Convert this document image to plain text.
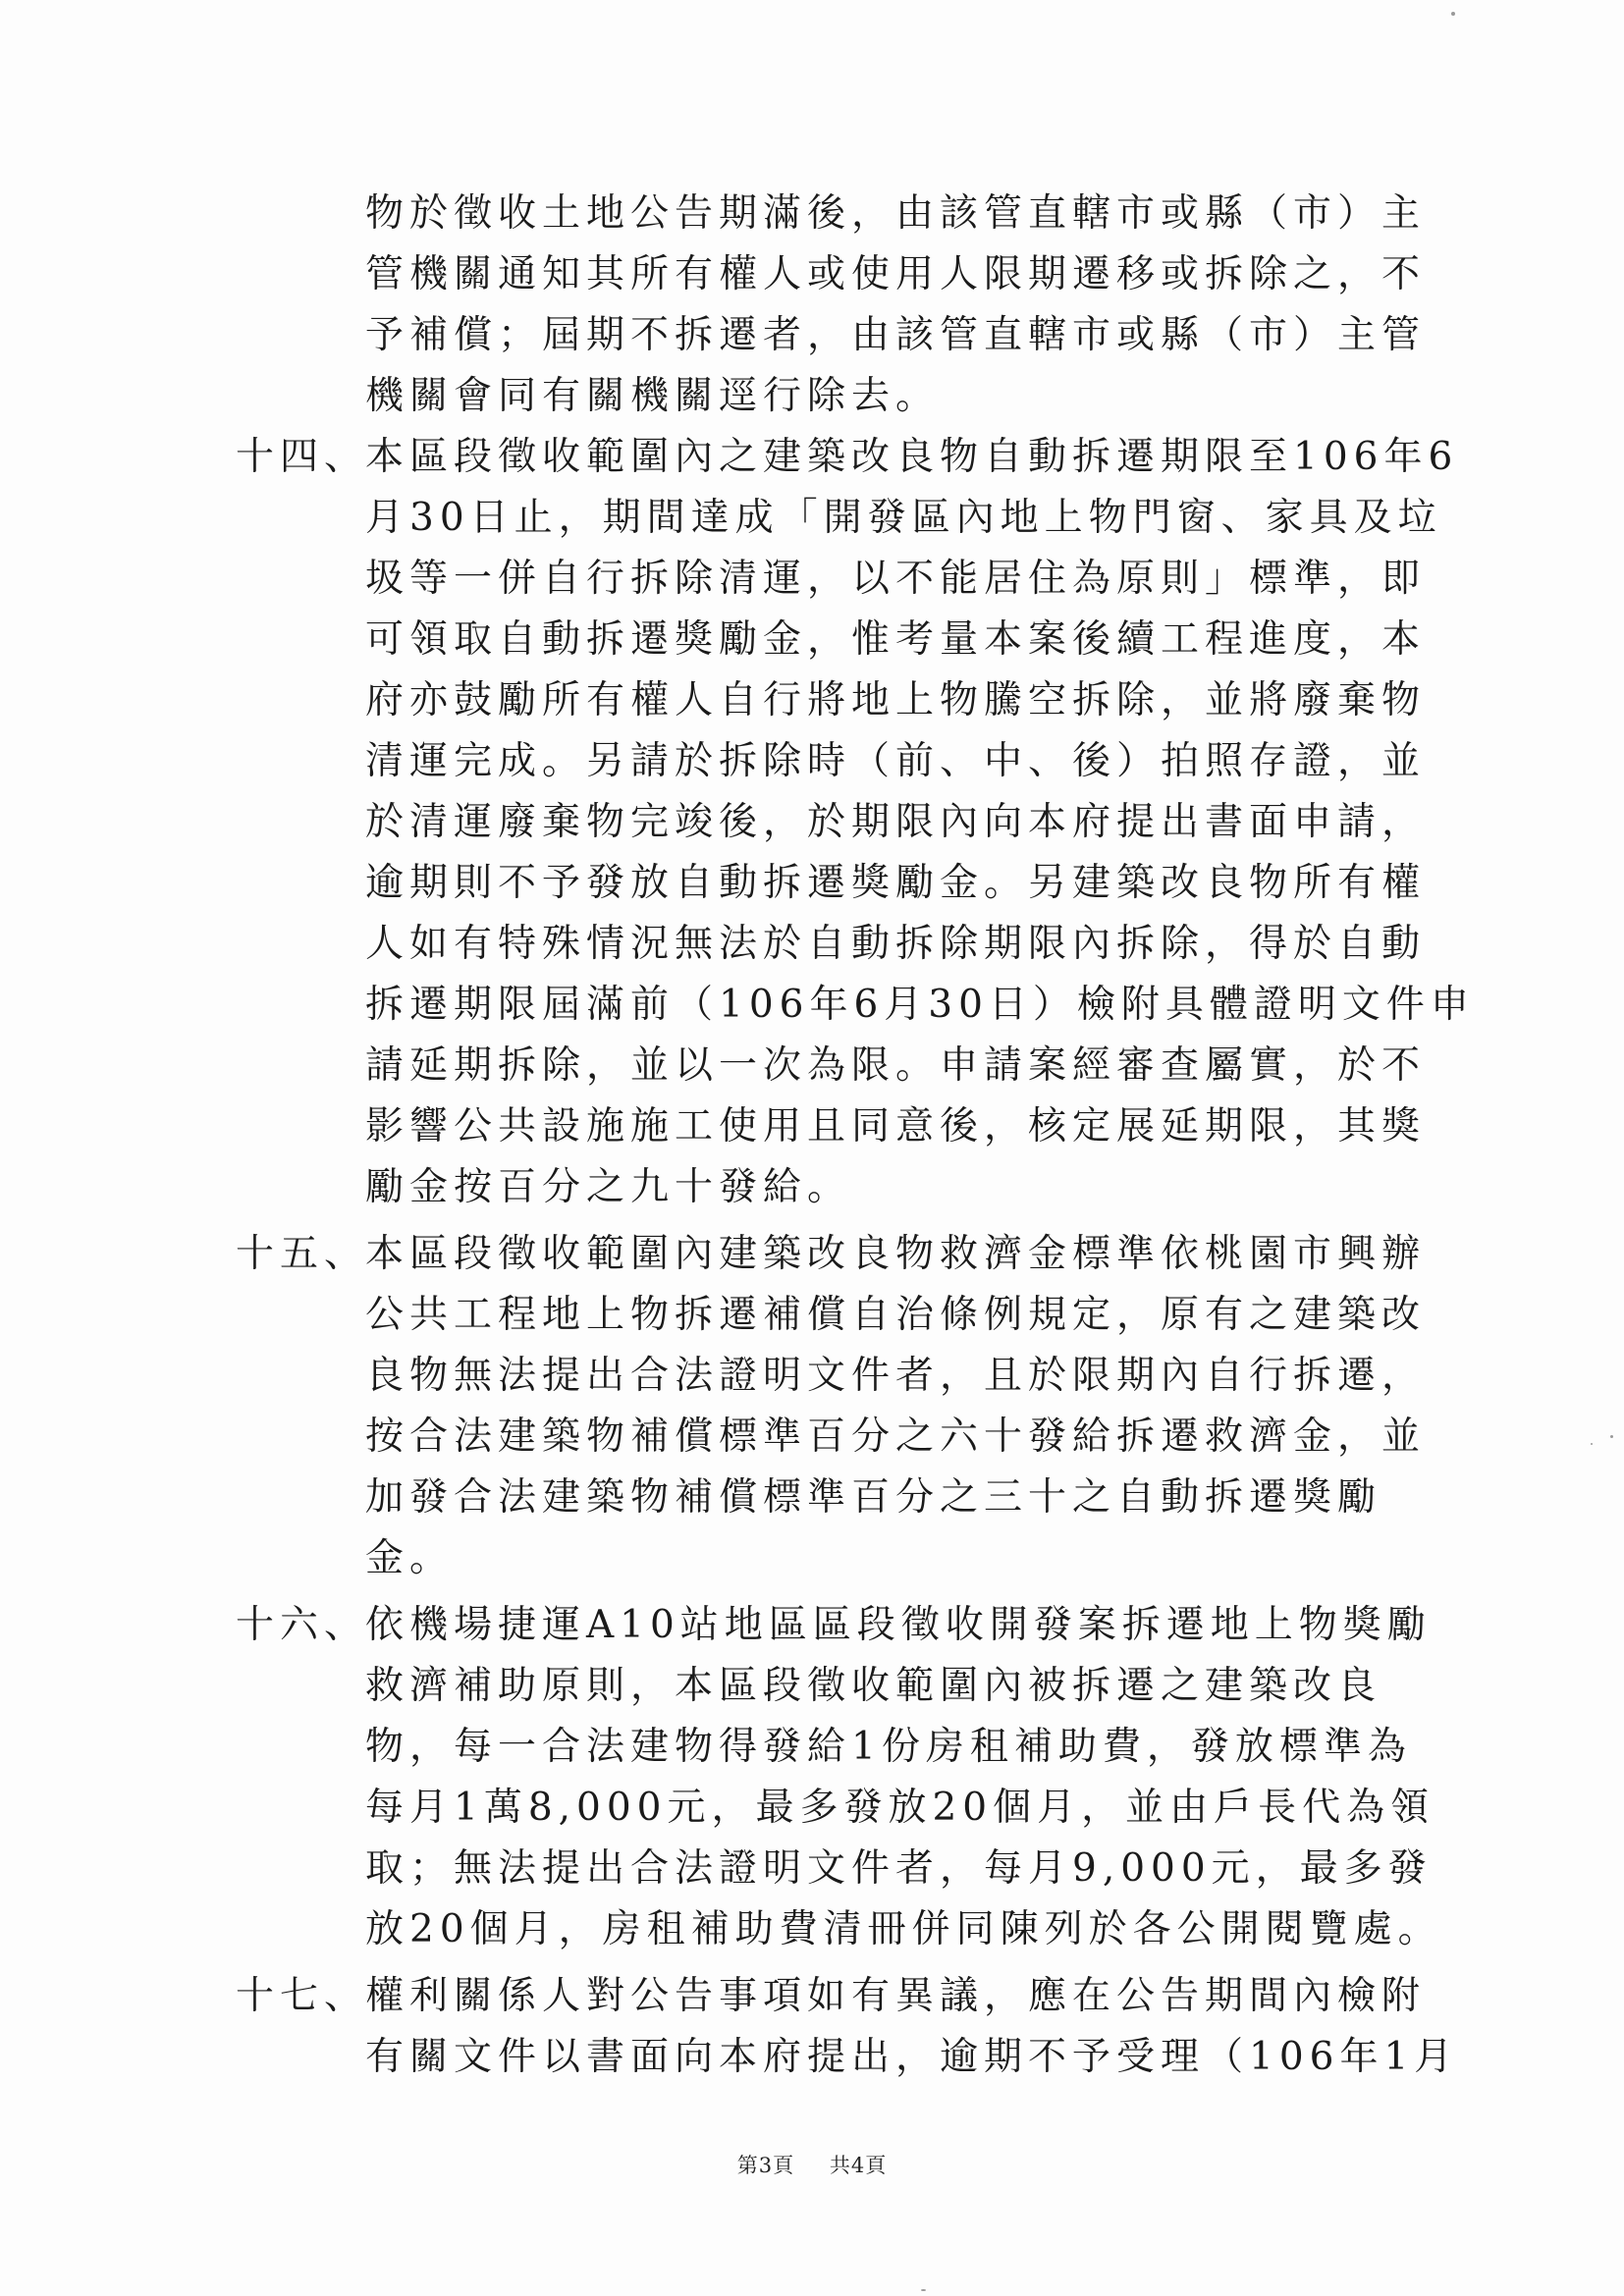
物於徵收土地公告期滿後，由該管直轄市或縣（市）主
管機關通知其所有權人或使用人限期遷移或拆除之，不
予補償；屆期不拆遷者，由該管直轄市或縣（市）主管
機關會同有關機關逕行除去。
十四、
本區段徵收範圍內之建築改良物自動拆遷期限至106年6
月30日止，期間達成「開發區內地上物門窗、家具及垃
圾等一併自行拆除清運，以不能居住為原則」標準，即
可領取自動拆遷獎勵金，惟考量本案後續工程進度，本
府亦鼓勵所有權人自行將地上物騰空拆除，並將廢棄物
清運完成。另請於拆除時（前、中、後）拍照存證，並
於清運廢棄物完竣後，於期限內向本府提出書面申請，
逾期則不予發放自動拆遷獎勵金。另建築改良物所有權
人如有特殊情況無法於自動拆除期限內拆除，得於自動
拆遷期限屆滿前（106年6月30日）檢附具體證明文件申
請延期拆除，並以一次為限。申請案經審查屬實，於不
影響公共設施施工使用且同意後，核定展延期限，其獎
勵金按百分之九十發給。
十五、
本區段徵收範圍內建築改良物救濟金標準依桃園市興辦
公共工程地上物拆遷補償自治條例規定，原有之建築改
良物無法提出合法證明文件者，且於限期內自行拆遷，
按合法建築物補償標準百分之六十發給拆遷救濟金，並
加發合法建築物補償標準百分之三十之自動拆遷獎勵
金。
十六、
依機場捷運A10站地區區段徵收開發案拆遷地上物獎勵
救濟補助原則，本區段徵收範圍內被拆遷之建築改良
物，每一合法建物得發給1份房租補助費，發放標準為
每月1萬8,000元，最多發放20個月，並由戶長代為領
取；無法提出合法證明文件者，每月9,000元，最多發
放20個月，房租補助費清冊併同陳列於各公開閱覽處。
十七、
權利關係人對公告事項如有異議，應在公告期間內檢附
有關文件以書面向本府提出，逾期不予受理（106年1月
第3頁 共4頁
